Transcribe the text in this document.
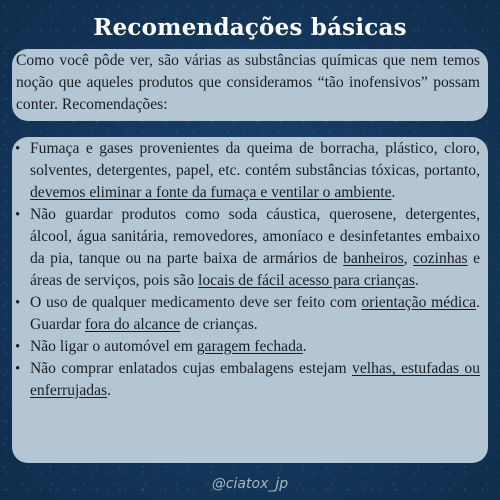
Recomendações básicas
Como você pôde ver, são várias as substâncias químicas que nem temos noção que aqueles produtos que consideramos “tão inofensivos” possam conter. Recomendações:
• Fumaça e gases provenientes da queima de borracha, plástico, cloro, solventes, detergentes, papel, etc. contém substâncias tóxicas, portanto, devemos eliminar a fonte da fumaça e ventilar o ambiente.
• Não guardar produtos como soda cáustica, querosene, detergentes, álcool, água sanitária, removedores, amoníaco e desinfetantes embaixo da pia, tanque ou na parte baixa de armários de banheiros, cozinhas e áreas de serviços, pois são locais de fácil acesso para crianças.
• O uso de qualquer medicamento deve ser feito com orientação médica. Guardar fora do alcance de crianças.
• Não ligar o automóvel em garagem fechada.
• Não comprar enlatados cujas embalagens estejam velhas, estufadas ou enferrujadas.
@ciatox_jp
